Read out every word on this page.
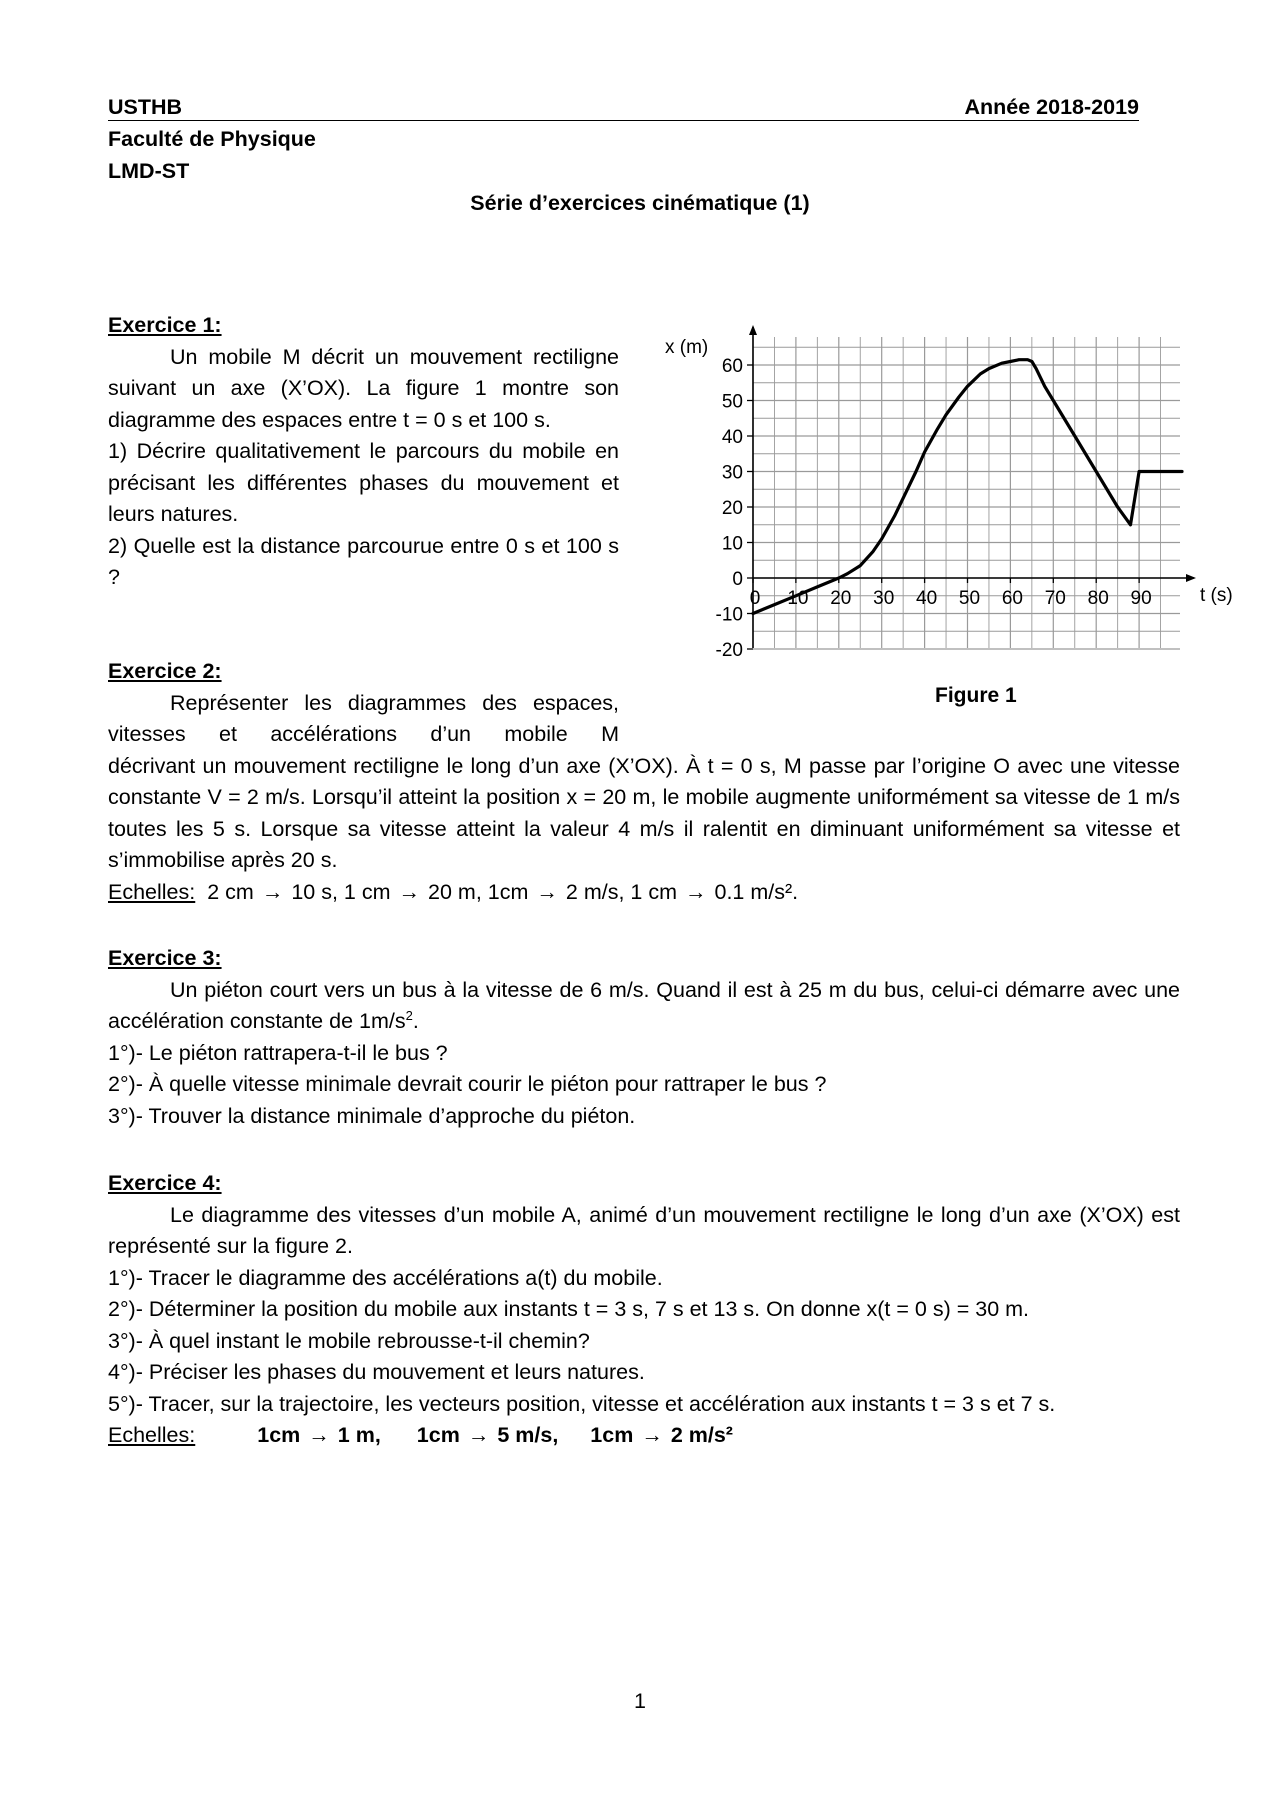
USTHB	Année 2018-2019
Faculté de Physique
LMD-ST
Série d’exercices cinématique (1)
Exercice 1:

Un mobile M décrit un mouvement rectiligne suivant un axe (X’OX). La figure 1 montre son diagramme des espaces entre t = 0 s et 100 s.

1) Décrire qualitativement le parcours du mobile en précisant les différentes phases du mouvement et leurs natures.

2) Quelle est la distance parcourue entre 0 s et 100 s ?

-20
-10
0
10
20
30
40
50
60
0 10 20 30 40 50 60 70 80 90
x (m)
t (s)
Figure 1
Exercice 2:

Représenter les diagrammes des espaces, vitesses et accélérations d’un mobile M

décrivant un mouvement rectiligne le long d’un axe (X’OX). À t = 0 s, M passe par l’origine O avec une vitesse constante V = 2 m/s. Lorsqu’il atteint la position x = 20 m, le mobile augmente uniformément sa vitesse de 1 m/s toutes les 5 s. Lorsque sa vitesse atteint la valeur 4 m/s il ralentit en diminuant uniformément sa vitesse et s’immobilise après 20 s.

Echelles: 2 cm → 10 s, 1 cm → 20 m, 1cm → 2 m/s, 1 cm → 0.1 m/s².

Exercice 3:

Un piéton court vers un bus à la vitesse de 6 m/s. Quand il est à 25 m du bus, celui-ci démarre avec une accélération constante de $1m/s^2$.

1°)- Le piéton rattrapera-t-il le bus ?

2°)- À quelle vitesse minimale devrait courir le piéton pour rattraper le bus ?

3°)- Trouver la distance minimale d’approche du piéton.

Exercice 4:

Le diagramme des vitesses d’un mobile A, animé d’un mouvement rectiligne le long d’un axe (X’OX) est représenté sur la figure 2.

1°)- Tracer le diagramme des accélérations a(t) du mobile.

2°)- Déterminer la position du mobile aux instants t = 3 s, 7 s et 13 s. On donne x(t = 0 s) = 30 m.

3°)- À quel instant le mobile rebrousse-t-il chemin?

4°)- Préciser les phases du mouvement et leurs natures.

5°)- Tracer, sur la trajectoire, les vecteurs position, vitesse et accélération aux instants t = 3 s et 7 s.

Echelles:	1cm → 1 m, 1cm → 5 m/s, 1cm → 2 m/s²

1
